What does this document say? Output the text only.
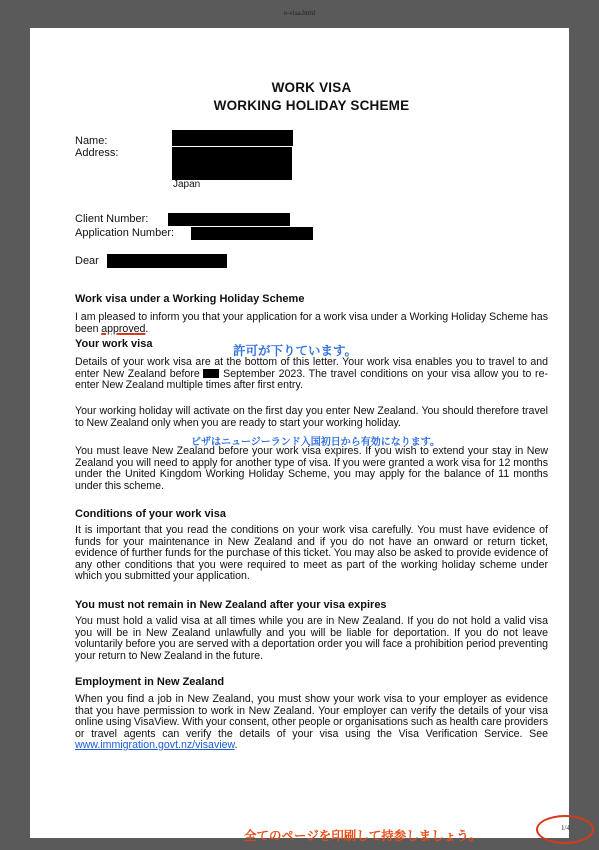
e-visa.html
WORK VISA
WORKING HOLIDAY SCHEME
Name:
Address:
Japan
Client Number:
Application Number:
Dear
Work visa under a Working Holiday Scheme
I am pleased to inform you that your application for a work visa under a Working Holiday Scheme has been approved.
Your work visa
Details of your work visa are at the bottom of this letter. Your work visa enables you to travel to and enter New Zealand before  September 2023. The travel conditions on your visa allow you to re-enter New Zealand multiple times after first entry.
Your working holiday will activate on the first day you enter New Zealand. You should therefore travel to New Zealand only when you are ready to start your working holiday.
You must leave New Zealand before your work visa expires. If you wish to extend your stay in New Zealand you will need to apply for another type of visa. If you were granted a work visa for 12 months under the United Kingdom Working Holiday Scheme, you may apply for the balance of 11 months under this scheme.
Conditions of your work visa
It is important that you read the conditions on your work visa carefully. You must have evidence of funds for your maintenance in New Zealand and if you do not have an onward or return ticket, evidence of further funds for the purchase of this ticket. You may also be asked to provide evidence of any other conditions that you were required to meet as part of the working holiday scheme under which you submitted your application.
You must not remain in New Zealand after your visa expires
You must hold a valid visa at all times while you are in New Zealand. If you do not hold a valid visa you will be in New Zealand unlawfully and you will be liable for deportation. If you do not leave voluntarily before you are served with a deportation order you will face a prohibition period preventing your return to New Zealand in the future.
Employment in New Zealand
When you find a job in New Zealand, you must show your work visa to your employer as evidence that you have permission to work in New Zealand. Your employer can verify the details of your visa online using VisaView. With your consent, other people or organisations such as health care providers or travel agents can verify the details of your visa using the Visa Verification Service. See www.immigration.govt.nz/visaview.
許可が下りています。
ビザはニュージーランド入国初日から有効になります。
全てのページを印刷して持参しましょう。
1/4
